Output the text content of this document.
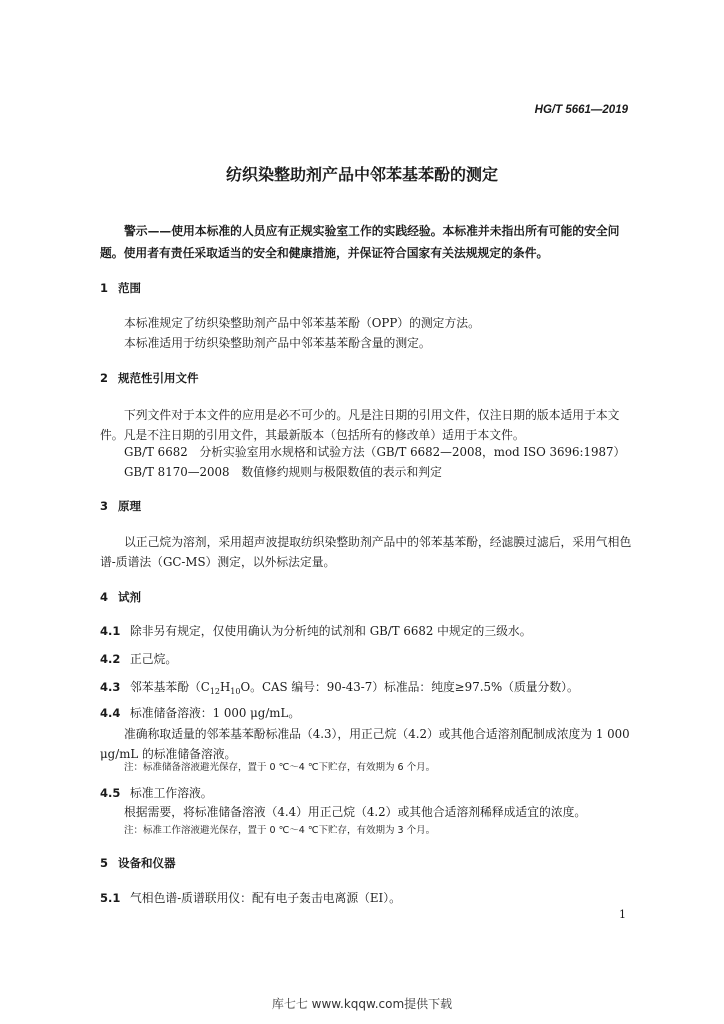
HG/T 5661—2019
纺织染整助剂产品中邻苯基苯酚的测定
警示——使用本标准的人员应有正规实验室工作的实践经验。本标准并未指出所有可能的安全问题。使用者有责任采取适当的安全和健康措施，并保证符合国家有关法规规定的条件。
1 范围
本标准规定了纺织染整助剂产品中邻苯基苯酚（OPP）的测定方法。
本标准适用于纺织染整助剂产品中邻苯基苯酚含量的测定。
2 规范性引用文件
下列文件对于本文件的应用是必不可少的。凡是注日期的引用文件，仅注日期的版本适用于本文件。凡是不注日期的引用文件，其最新版本（包括所有的修改单）适用于本文件。
GB/T 6682　分析实验室用水规格和试验方法（GB/T 6682—2008，mod ISO 3696:1987）
GB/T 8170—2008　数值修约规则与极限数值的表示和判定
3 原理
以正己烷为溶剂，采用超声波提取纺织染整助剂产品中的邻苯基苯酚，经滤膜过滤后，采用气相色谱-质谱法（GC-MS）测定，以外标法定量。
4 试剂
4.1 除非另有规定，仅使用确认为分析纯的试剂和 GB/T 6682 中规定的三级水。
4.2 正己烷。
4.3 邻苯基苯酚（$C_{12}H_{10}O$。CAS 编号：90-43-7）标准品：纯度≥97.5%（质量分数）。
4.4 标准储备溶液：1 000 μg/mL。
准确称取适量的邻苯基苯酚标准品（4.3），用正己烷（4.2）或其他合适溶剂配制成浓度为 1 000 μg/mL 的标准储备溶液。
注：标准储备溶液避光保存，置于 0 ℃～4 ℃下贮存，有效期为 6 个月。
4.5 标准工作溶液。
根据需要，将标准储备溶液（4.4）用正己烷（4.2）或其他合适溶剂稀释成适宜的浓度。
注：标准工作溶液避光保存，置于 0 ℃～4 ℃下贮存，有效期为 3 个月。
5 设备和仪器
5.1 气相色谱-质谱联用仪：配有电子轰击电离源（EI）。
1
库七七 www.kqqw.com提供下载
